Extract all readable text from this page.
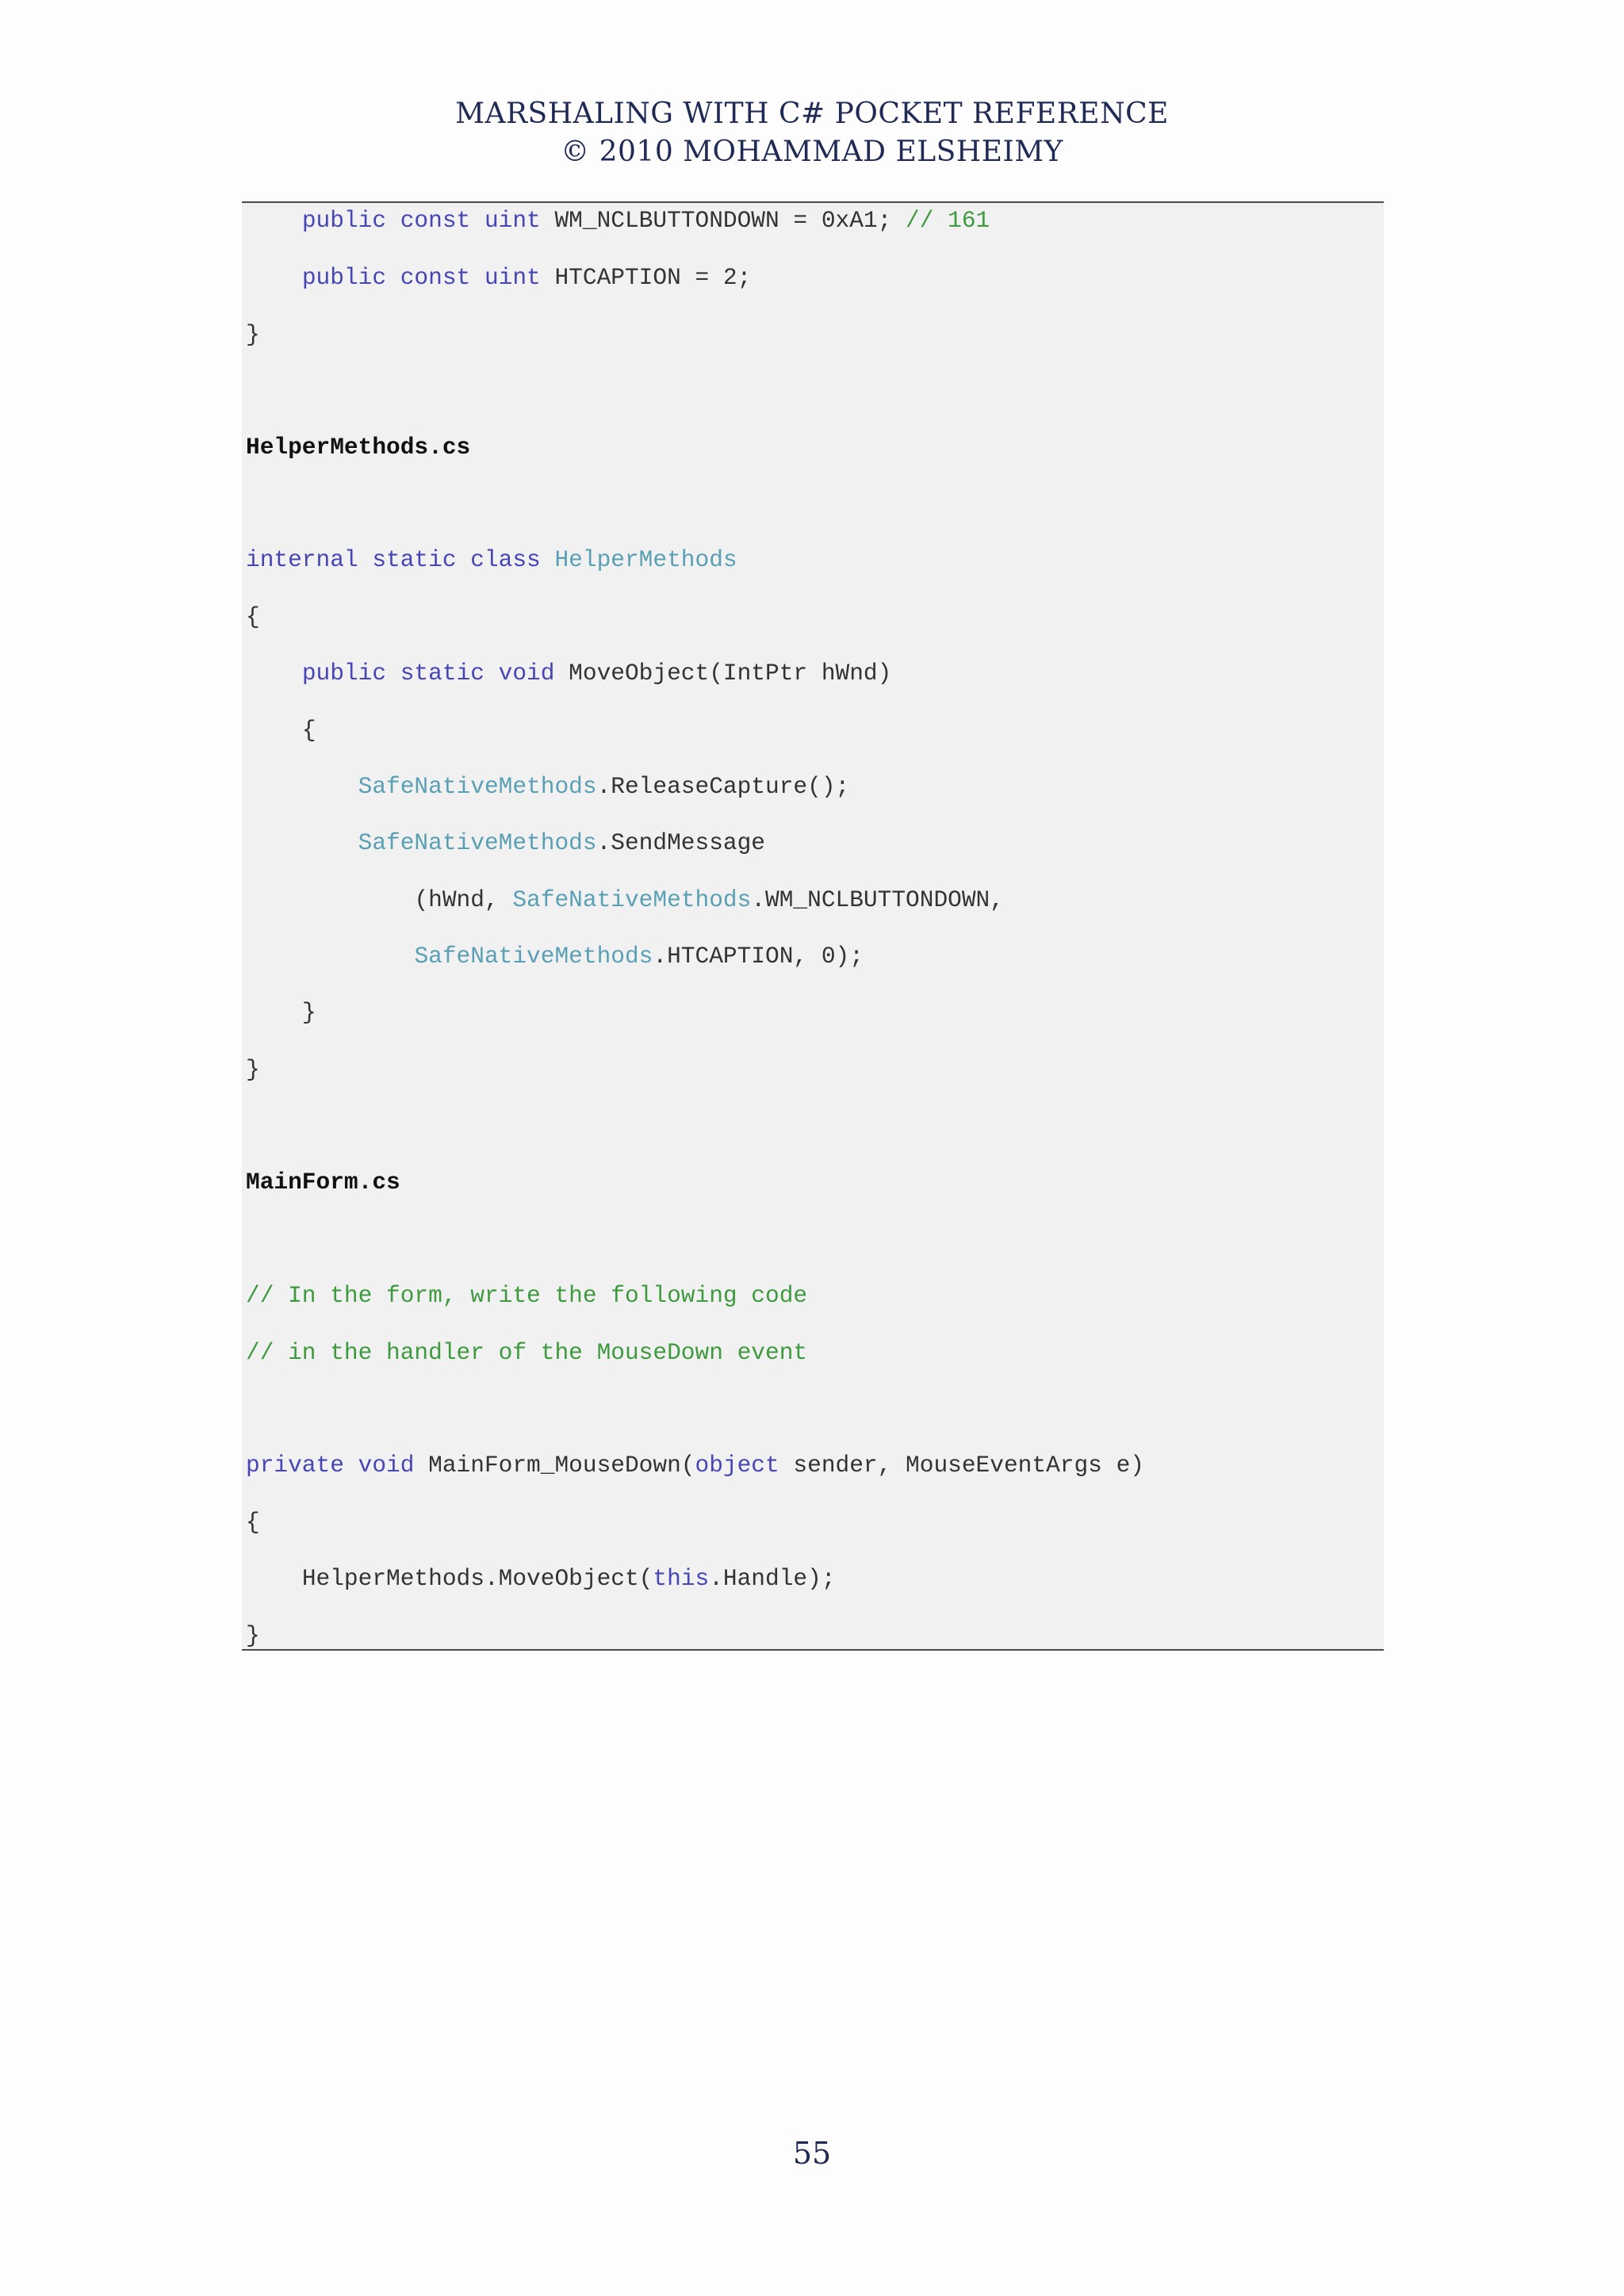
MARSHALING WITH C# POCKET REFERENCE
© 2010 MOHAMMAD ELSHEIMY
public const uint WM_NCLBUTTONDOWN = 0xA1; // 161
public const uint HTCAPTION = 2;
}
HelperMethods.cs
internal static class HelperMethods
{
public static void MoveObject(IntPtr hWnd)
{
SafeNativeMethods.ReleaseCapture();
SafeNativeMethods.SendMessage
(hWnd, SafeNativeMethods.WM_NCLBUTTONDOWN,
SafeNativeMethods.HTCAPTION, 0);
}
}
MainForm.cs
// In the form, write the following code
// in the handler of the MouseDown event
private void MainForm_MouseDown(object sender, MouseEventArgs e)
{
HelperMethods.MoveObject(this.Handle);
}
55
